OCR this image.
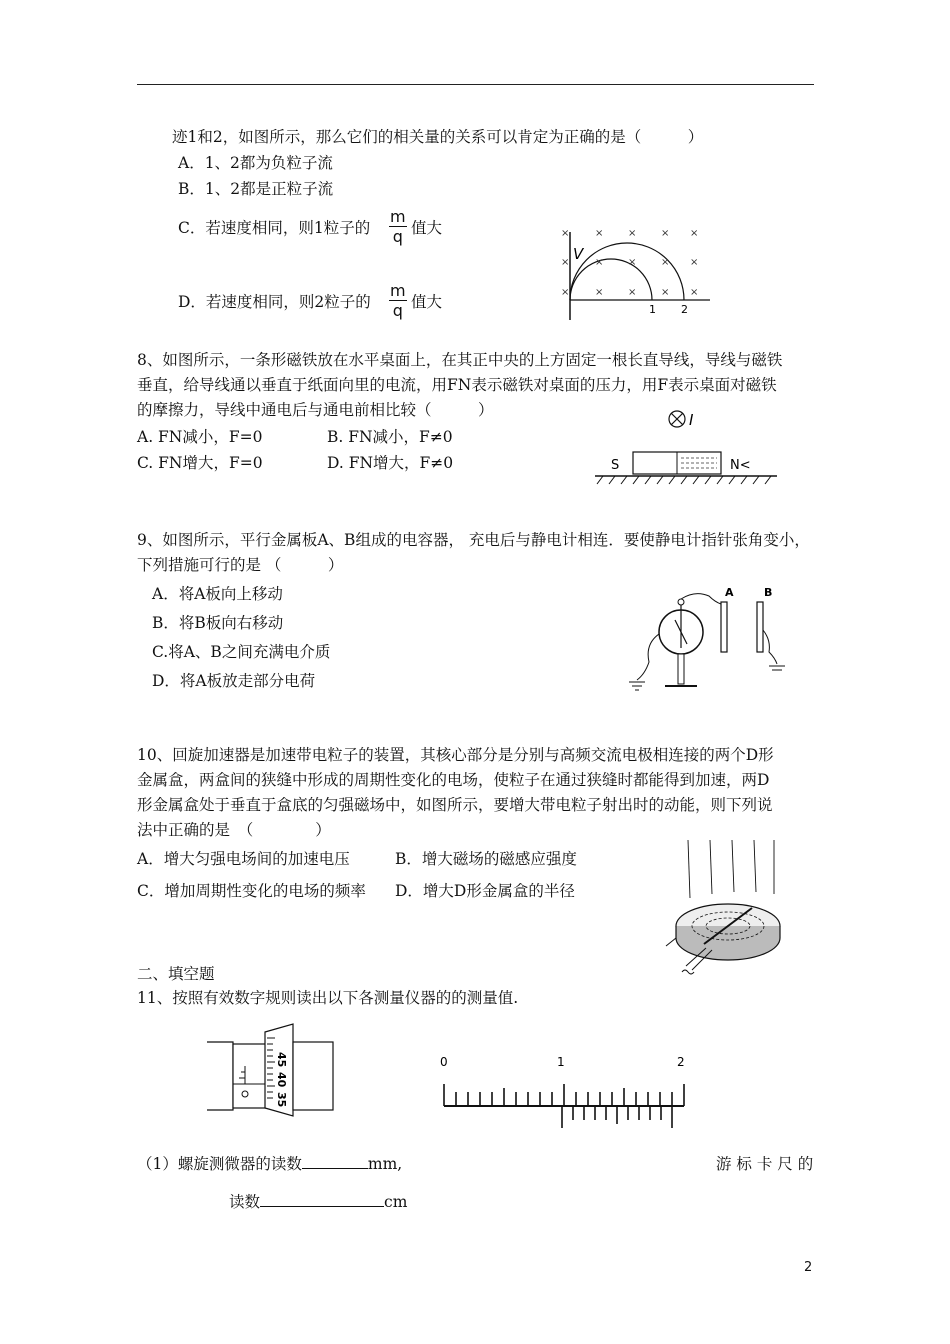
迹1和2，如图所示，那么它们的相关量的关系可以肯定为正确的是（　　　）
A．1、2都为负粒子流
B．1、2都是正粒子流
C．若速度相同，则1粒子的 $\frac{m}{q}$ 值大
D．若速度相同，则2粒子的 $\frac{m}{q}$ 值大
×	× × × ×
×	× × × ×
×	× × × ×
V
1 2
8、如图所示，一条形磁铁放在水平桌面上，在其正中央的上方固定一根长直导线，导线与磁铁
垂直，给导线通以垂直于纸面向里的电流，用FN表示磁铁对桌面的压力，用F表示桌面对磁铁
的摩擦力，导线中通电后与通电前相比较（　　　）
A. FN减小，F=0	B. FN减小，F≠0
C. FN增大，F=0	D. FN增大，F≠0
I
S	N<
9、如图所示，平行金属板A、B组成的电容器， 充电后与静电计相连．要使静电计指针张角变小，
下列措施可行的是 （　　　）
A．将A板向上移动
B．将B板向右移动
C.将A、B之间充满电介质
D．将A板放走部分电荷
A	B
10、回旋加速器是加速带电粒子的装置，其核心部分是分别与高频交流电极相连接的两个D形
金属盒，两盒间的狭缝中形成的周期性变化的电场，使粒子在通过狭缝时都能得到加速，两D
形金属盒处于垂直于盒底的匀强磁场中，如图所示，要增大带电粒子射出时的动能，则下列说
法中正确的是　（　　　　）
A．增大匀强电场间的加速电压	B．增大磁场的磁感应强度
C．增加周期性变化的电场的频率 D．增大D形金属盒的半径
二、填空题
11、按照有效数字规则读出以下各测量仪器的的测量值.
45
40
35
0	1	2
（1）螺旋测微器的读数	mm,	游 标 卡 尺 的
读数	cm
2
